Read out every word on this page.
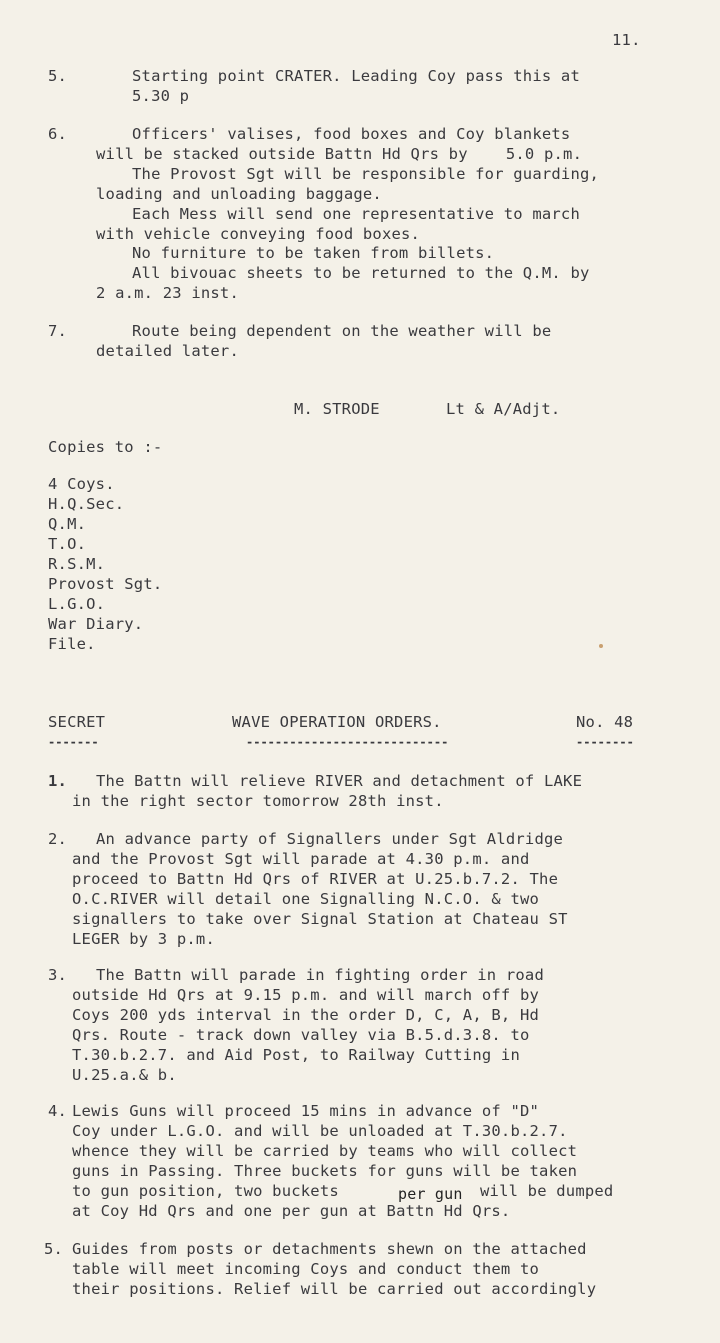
11.
5.	Starting point CRATER. Leading Coy pass this at
5.30 p
6.	Officers' valises, food boxes and Coy blankets
will be stacked outside Battn Hd Qrs by    5.0 p.m.
The Provost Sgt will be responsible for guarding,
loading and unloading baggage.
Each Mess will send one representative to march
with vehicle conveying food boxes.
No furniture to be taken from billets.
All bivouac sheets to be returned to the Q.M. by
2 a.m. 23 inst.
7.	Route being dependent on the weather will be
detailed later.
M. STRODE	Lt & A/Adjt.
Copies to :-
4 Coys.
H.Q.Sec.
Q.M.
T.O.
R.S.M.
Provost Sgt.
L.G.O.
War Diary.
File.
SECRET
-------
WAVE OPERATION ORDERS.
----------------------------
No. 48
--------
1. The Battn will relieve RIVER and detachment of LAKE
in the right sector tomorrow 28th inst.
2. An advance party of Signallers under Sgt Aldridge
and the Provost Sgt will parade at 4.30 p.m. and
proceed to Battn Hd Qrs of RIVER at U.25.b.7.2. The
O.C.RIVER will detail one Signalling N.C.O. & two
signallers to take over Signal Station at Chateau ST
LEGER by 3 p.m.
3. The Battn will parade in fighting order in road
outside Hd Qrs at 9.15 p.m. and will march off by
Coys 200 yds interval in the order D, C, A, B, Hd
Qrs. Route - track down valley via B.5.d.3.8. to
T.30.b.2.7. and Aid Post, to Railway Cutting in
U.25.a.& b.
4. Lewis Guns will proceed 15 mins in advance of "D"
Coy under L.G.O. and will be unloaded at T.30.b.2.7.
whence they will be carried by teams who will collect
guns in Passing. Three buckets for guns will be taken
to gun position, two buckets	per gun will be dumped
at Coy Hd Qrs and one per gun at Battn Hd Qrs.
5. Guides from posts or detachments shewn on the attached
table will meet incoming Coys and conduct them to
their positions. Relief will be carried out accordingly
